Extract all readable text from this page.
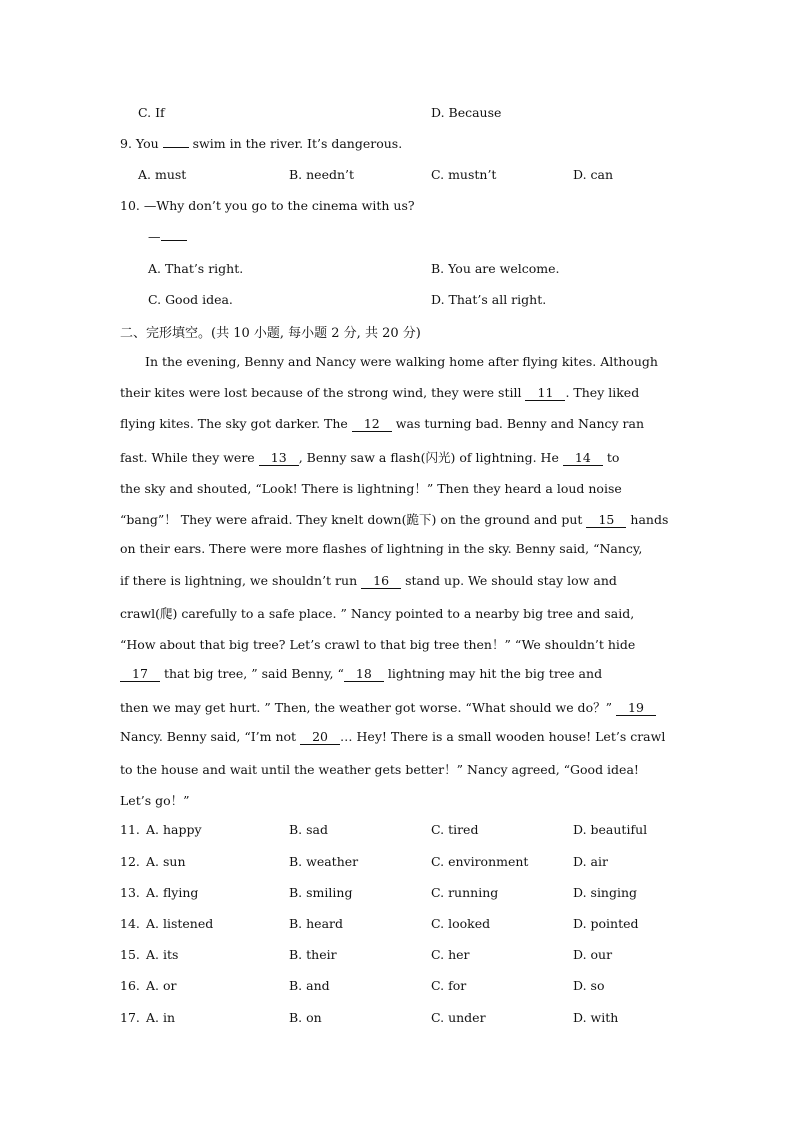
C. If	D. Because
9. You	swim in the river. It’s dangerous.
A. must	B. needn’t	C. mustn’t	D. can
10. —Why don’t you go to the cinema with us?
—
A. That’s right.	B. You are welcome.
C. Good idea.	D. That’s all right.
二、完形填空。(共 10 小题, 每小题 2 分, 共 20 分)
In the evening, Benny and Nancy were walking home after flying kites. Although
their kites were lost because of the strong wind, they were still 11 . They liked
flying kites. The sky got darker. The 12 was turning bad. Benny and Nancy ran
fast. While they were 13 , Benny saw a flash(闪光) of lightning. He 14 to
the sky and shouted, “Look! There is lightning！” Then they heard a loud noise
“bang”！ They were afraid. They knelt down(跪下) on the ground and put 15 hands
on their ears. There were more flashes of lightning in the sky. Benny said, “Nancy,
if there is lightning, we shouldn’t run 16 stand up. We should stay low and
crawl(爬) carefully to a safe place. ” Nancy pointed to a nearby big tree and said,
“How about that big tree? Let’s crawl to that big tree then！” “We shouldn’t hide
17 that big tree, ” said Benny, “ 18 lightning may hit the big tree and
then we may get hurt. ” Then, the weather got worse. “What should we do？” 19
Nancy. Benny said, “I’m not 20 … Hey! There is a small wooden house! Let’s crawl
to the house and wait until the weather gets better！” Nancy agreed, “Good idea!
Let’s go！”
11. A. happy	B. sad	C. tired	D. beautiful
12. A. sun	B. weather	C. environment	D. air
13. A. flying	B. smiling	C. running	D. singing
14. A. listened	B. heard	C. looked	D. pointed
15. A. its	B. their	C. her	D. our
16. A. or	B. and	C. for	D. so
17. A. in	B. on	C. under	D. with
